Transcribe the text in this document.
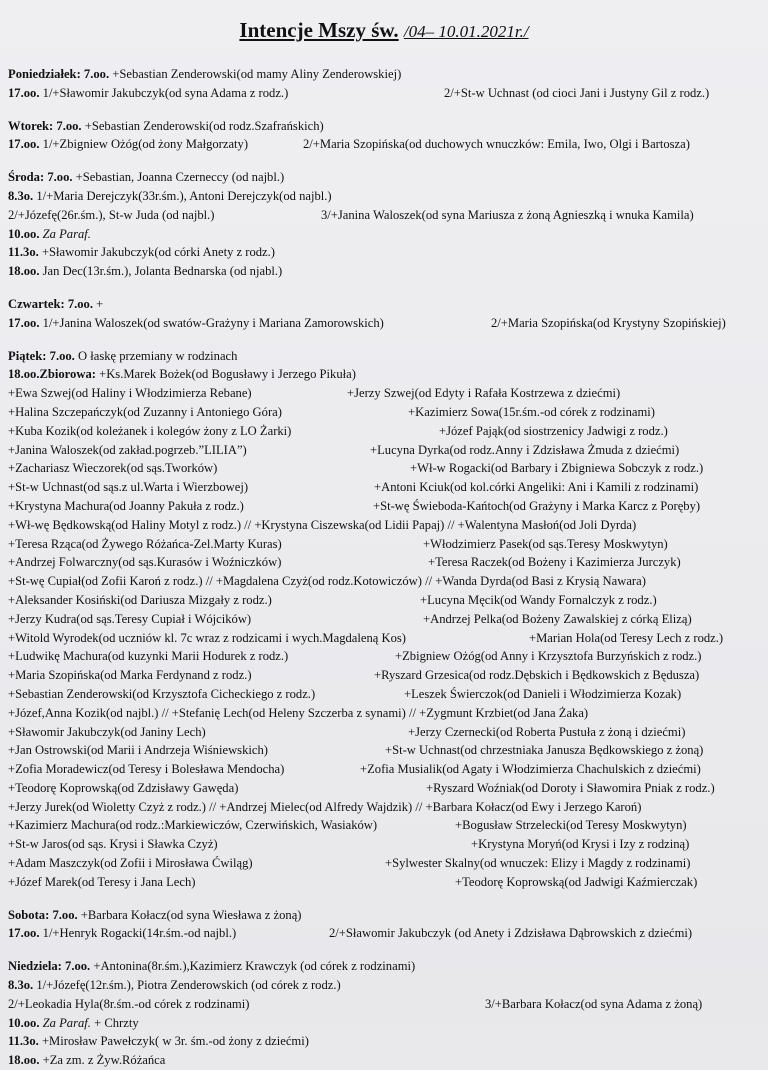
Intencje Mszy św. /04– 10.01.2021r./
Poniedziałek: 7.oo. +Sebastian Zenderowski(od mamy Aliny Zenderowskiej)
17.oo. 1/+Sławomir Jakubczyk(od syna Adama z rodz.)	2/+St-w Uchnast (od cioci Jani i Justyny Gil z rodz.)
Wtorek: 7.oo. +Sebastian Zenderowski(od rodz.Szafrańskich)
17.oo. 1/+Zbigniew Ożóg(od żony Małgorzaty)	2/+Maria Szopińska(od duchowych wnuczków: Emila, Iwo, Olgi i Bartosza)
Środa: 7.oo. +Sebastian, Joanna Czerneccy (od najbl.)
8.3o. 1/+Maria Derejczyk(33r.śm.), Antoni Derejczyk(od najbl.)
2/+Józefę(26r.śm.), St-w Juda (od najbl.)	3/+Janina Waloszek(od syna Mariusza z żoną Agnieszką i wnuka Kamila)
10.oo. Za Paraf.
11.3o. +Sławomir Jakubczyk(od córki Anety z rodz.)
18.oo. Jan Dec(13r.śm.), Jolanta Bednarska (od njabl.)
Czwartek: 7.oo. +
17.oo. 1/+Janina Waloszek(od swatów-Grażyny i Mariana Zamorowskich)	2/+Maria Szopińska(od Krystyny Szopińskiej)
Piątek: 7.oo. O łaskę przemiany w rodzinach
18.oo.Zbiorowa: +Ks.Marek Bożek(od Bogusławy i Jerzego Pikuła)
+Ewa Szwej(od Haliny i Włodzimierza Rebane)	+Jerzy Szwej(od Edyty i Rafała Kostrzewa z dziećmi)
+Halina Szczepańczyk(od Zuzanny i Antoniego Góra)	+Kazimierz Sowa(15r.śm.-od córek z rodzinami)
+Kuba Kozik(od koleżanek i kolegów żony z LO Żarki)	+Józef Pająk(od siostrzenicy Jadwigi z rodz.)
+Janina Waloszek(od zakład.pogrzeb.”LILIA”)	+Lucyna Dyrka(od rodz.Anny i Zdzisława Żmuda z dziećmi)
+Zachariasz Wieczorek(od sąs.Tworków)	+Wł-w Rogacki(od Barbary i Zbigniewa Sobczyk z rodz.)
+St-w Uchnast(od sąs.z ul.Warta i Wierzbowej)	+Antoni Kciuk(od kol.córki Angeliki: Ani i Kamili z rodzinami)
+Krystyna Machura(od Joanny Pakuła z rodz.)	+St-wę Świeboda-Kańtoch(od Grażyny i Marka Karcz z Poręby)
+Wł-wę Będkowską(od Haliny Motyl z rodz.) // +Krystyna Ciszewska(od Lidii Papaj) // +Walentyna Masłoń(od Joli Dyrda)
+Teresa Rząca(od Żywego Różańca-Zel.Marty Kuras)	+Włodzimierz Pasek(od sąs.Teresy Moskwytyn)
+Andrzej Folwarczny(od sąs.Kurasów i Woźniczków)	+Teresa Raczek(od Bożeny i Kazimierza Jurczyk)
+St-wę Cupiał(od Zofii Karoń z rodz.) // +Magdalena Czyż(od rodz.Kotowiczów) // +Wanda Dyrda(od Basi z Krysią Nawara)
+Aleksander Kosiński(od Dariusza Mizgały z rodz.)	+Lucyna Męcik(od Wandy Fornalczyk z rodz.)
+Jerzy Kudra(od sąs.Teresy Cupiał i Wójcików)	+Andrzej Pelka(od Bożeny Zawalskiej z córką Elizą)
+Witold Wyrodek(od uczniów kl. 7c wraz z rodzicami i wych.Magdaleną Kos)	+Marian Hola(od Teresy Lech z rodz.)
+Ludwikę Machura(od kuzynki Marii Hodurek z rodz.)	+Zbigniew Ożóg(od Anny i Krzysztofa Burzyńskich z rodz.)
+Maria Szopińska(od Marka Ferdynand z rodz.)	+Ryszard Grzesica(od rodz.Dębskich i Będkowskich z Będusza)
+Sebastian Zenderowski(od Krzysztofa Cicheckiego z rodz.)	+Leszek Świerczok(od Danieli i Włodzimierza Kozak)
+Józef,Anna Kozik(od najbl.) // +Stefanię Lech(od Heleny Szczerba z synami) // +Zygmunt Krzbiet(od Jana Żaka)
+Sławomir Jakubczyk(od Janiny Lech)	+Jerzy Czernecki(od Roberta Pustuła z żoną i dziećmi)
+Jan Ostrowski(od Marii i Andrzeja Wiśniewskich)	+St-w Uchnast(od chrzestniaka Janusza Będkowskiego z żoną)
+Zofia Moradewicz(od Teresy i Bolesława Mendocha)	+Zofia Musialik(od Agaty i Włodzimierza Chachulskich z dziećmi)
+Teodorę Koprowską(od Zdzisławy Gawęda)	+Ryszard Woźniak(od Doroty i Sławomira Pniak z rodz.)
+Jerzy Jurek(od Wioletty Czyż z rodz.) // +Andrzej Mielec(od Alfredy Wajdzik) // +Barbara Kołacz(od Ewy i Jerzego Karoń)
+Kazimierz Machura(od rodz.:Markiewiczów, Czerwińskich, Wasiaków)	+Bogusław Strzelecki(od Teresy Moskwytyn)
+St-w Jaros(od sąs. Krysi i Sławka Czyż)	+Krystyna Moryń(od Krysi i Izy z rodziną)
+Adam Maszczyk(od Zofii i Mirosława Ćwiląg)	+Sylwester Skalny(od wnuczek: Elizy i Magdy z rodzinami)
+Józef Marek(od Teresy i Jana Lech)	+Teodorę Koprowską(od Jadwigi Kaźmierczak)
Sobota: 7.oo. +Barbara Kołacz(od syna Wiesława z żoną)
17.oo. 1/+Henryk Rogacki(14r.śm.-od najbl.)	2/+Sławomir Jakubczyk (od Anety i Zdzisława Dąbrowskich z dziećmi)
Niedziela: 7.oo. +Antonina(8r.śm.),Kazimierz Krawczyk (od córek z rodzinami)
8.3o. 1/+Józefę(12r.śm.), Piotra Zenderowskich (od córek z rodz.)
2/+Leokadia Hyla(8r.śm.-od córek z rodzinami)	3/+Barbara Kołacz(od syna Adama z żoną)
10.oo. Za Paraf. + Chrzty
11.3o. +Mirosław Pawełczyk( w 3r. śm.-od żony z dziećmi)
18.oo. +Za zm. z Żyw.Różańca
